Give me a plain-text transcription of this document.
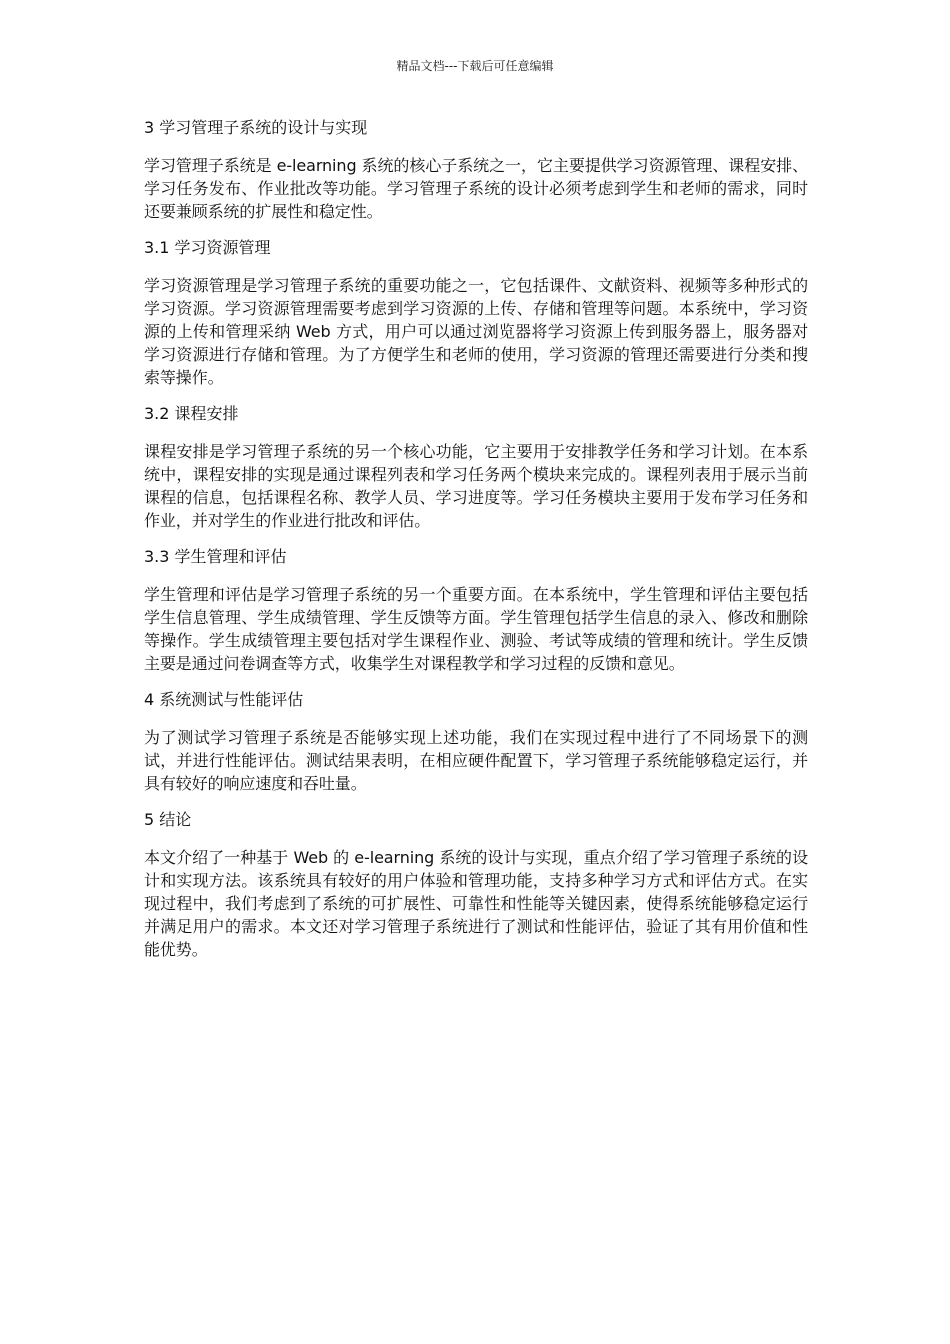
精品文档---下载后可任意编辑
3 学习管理子系统的设计与实现
学习管理子系统是 e-learning 系统的核心子系统之一，它主要提供学习资源管理、课程安排、学习任务发布、作业批改等功能。学习管理子系统的设计必须考虑到学生和老师的需求，同时还要兼顾系统的扩展性和稳定性。
3.1 学习资源管理
学习资源管理是学习管理子系统的重要功能之一，它包括课件、文献资料、视频等多种形式的学习资源。学习资源管理需要考虑到学习资源的上传、存储和管理等问题。本系统中，学习资源的上传和管理采纳 Web 方式，用户可以通过浏览器将学习资源上传到服务器上，服务器对学习资源进行存储和管理。为了方便学生和老师的使用，学习资源的管理还需要进行分类和搜索等操作。
3.2 课程安排
课程安排是学习管理子系统的另一个核心功能，它主要用于安排教学任务和学习计划。在本系统中，课程安排的实现是通过课程列表和学习任务两个模块来完成的。课程列表用于展示当前课程的信息，包括课程名称、教学人员、学习进度等。学习任务模块主要用于发布学习任务和作业，并对学生的作业进行批改和评估。
3.3 学生管理和评估
学生管理和评估是学习管理子系统的另一个重要方面。在本系统中，学生管理和评估主要包括学生信息管理、学生成绩管理、学生反馈等方面。学生管理包括学生信息的录入、修改和删除等操作。学生成绩管理主要包括对学生课程作业、测验、考试等成绩的管理和统计。学生反馈主要是通过问卷调查等方式，收集学生对课程教学和学习过程的反馈和意见。
4 系统测试与性能评估
为了测试学习管理子系统是否能够实现上述功能，我们在实现过程中进行了不同场景下的测试，并进行性能评估。测试结果表明，在相应硬件配置下，学习管理子系统能够稳定运行，并具有较好的响应速度和吞吐量。
5 结论
本文介绍了一种基于 Web 的 e-learning 系统的设计与实现，重点介绍了学习管理子系统的设计和实现方法。该系统具有较好的用户体验和管理功能，支持多种学习方式和评估方式。在实现过程中，我们考虑到了系统的可扩展性、可靠性和性能等关键因素，使得系统能够稳定运行并满足用户的需求。本文还对学习管理子系统进行了测试和性能评估，验证了其有用价值和性能优势。
